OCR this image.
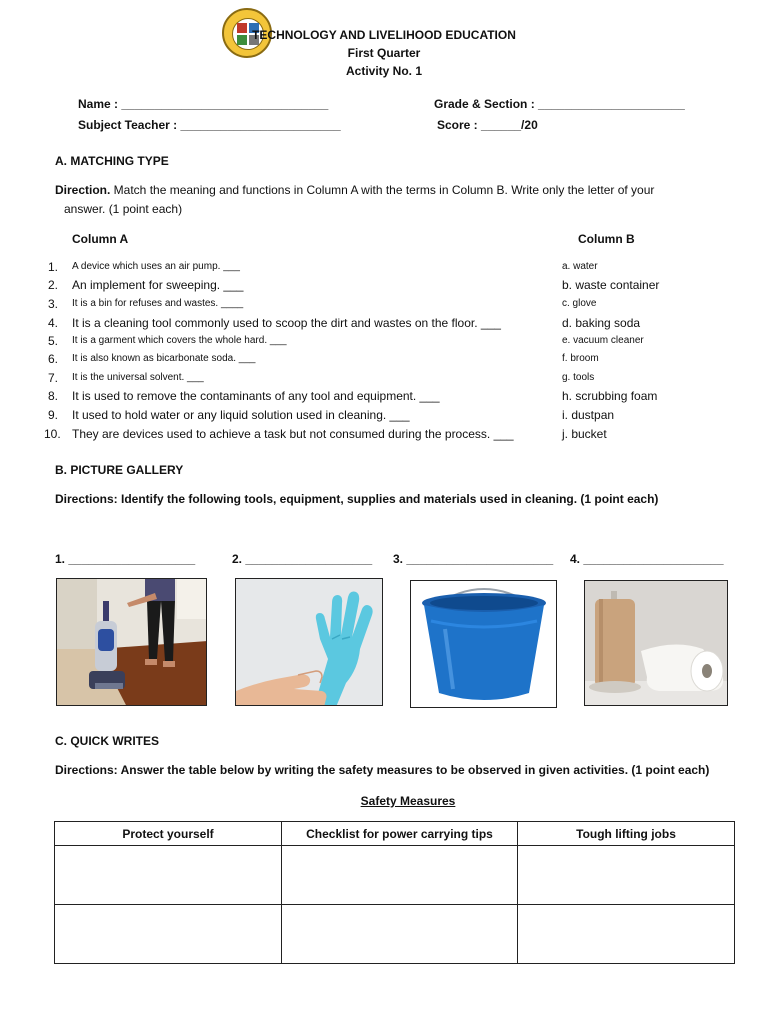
TECHNOLOGY AND LIVELIHOOD EDUCATION
First Quarter
Activity No. 1
Name : _______________________________	Grade & Section : ______________________
Subject Teacher : ________________________	Score : ______/20
A. MATCHING TYPE
Direction. Match the meaning and functions in Column A with the terms in Column B. Write only the letter of your
answer. (1 point each)
Column A	Column B
1.	A device which uses an air pump. ___	a. water
2.	An implement for sweeping. ___	b. waste container
3.	It is a bin for refuses and wastes. ____	c. glove
4.	It is a cleaning tool commonly used to scoop the dirt and wastes on the floor. ___	d. baking soda
5.	It is a garment which covers the whole hard. ___	e. vacuum cleaner
6.	It is also known as bicarbonate soda. ___	f. broom
7.	It is the universal solvent. ___	g. tools
8.	It is used to remove the contaminants of any tool and equipment. ___	h. scrubbing foam
9.	It used to hold water or any liquid solution used in cleaning. ___	i. dustpan
10. They are devices used to achieve a task but not consumed during the process. ___	j. bucket
B. PICTURE GALLERY
Directions: Identify the following tools, equipment, supplies and materials used in cleaning. (1 point each)
1. ___________________	2. ___________________ 3. ______________________ 4. _____________________
C. QUICK WRITES
Directions: Answer the table below by writing the safety measures to be observed in given activities. (1 point each)
Safety Measures
Protect yourself	Checklist for power carrying tips	Tough lifting jobs
